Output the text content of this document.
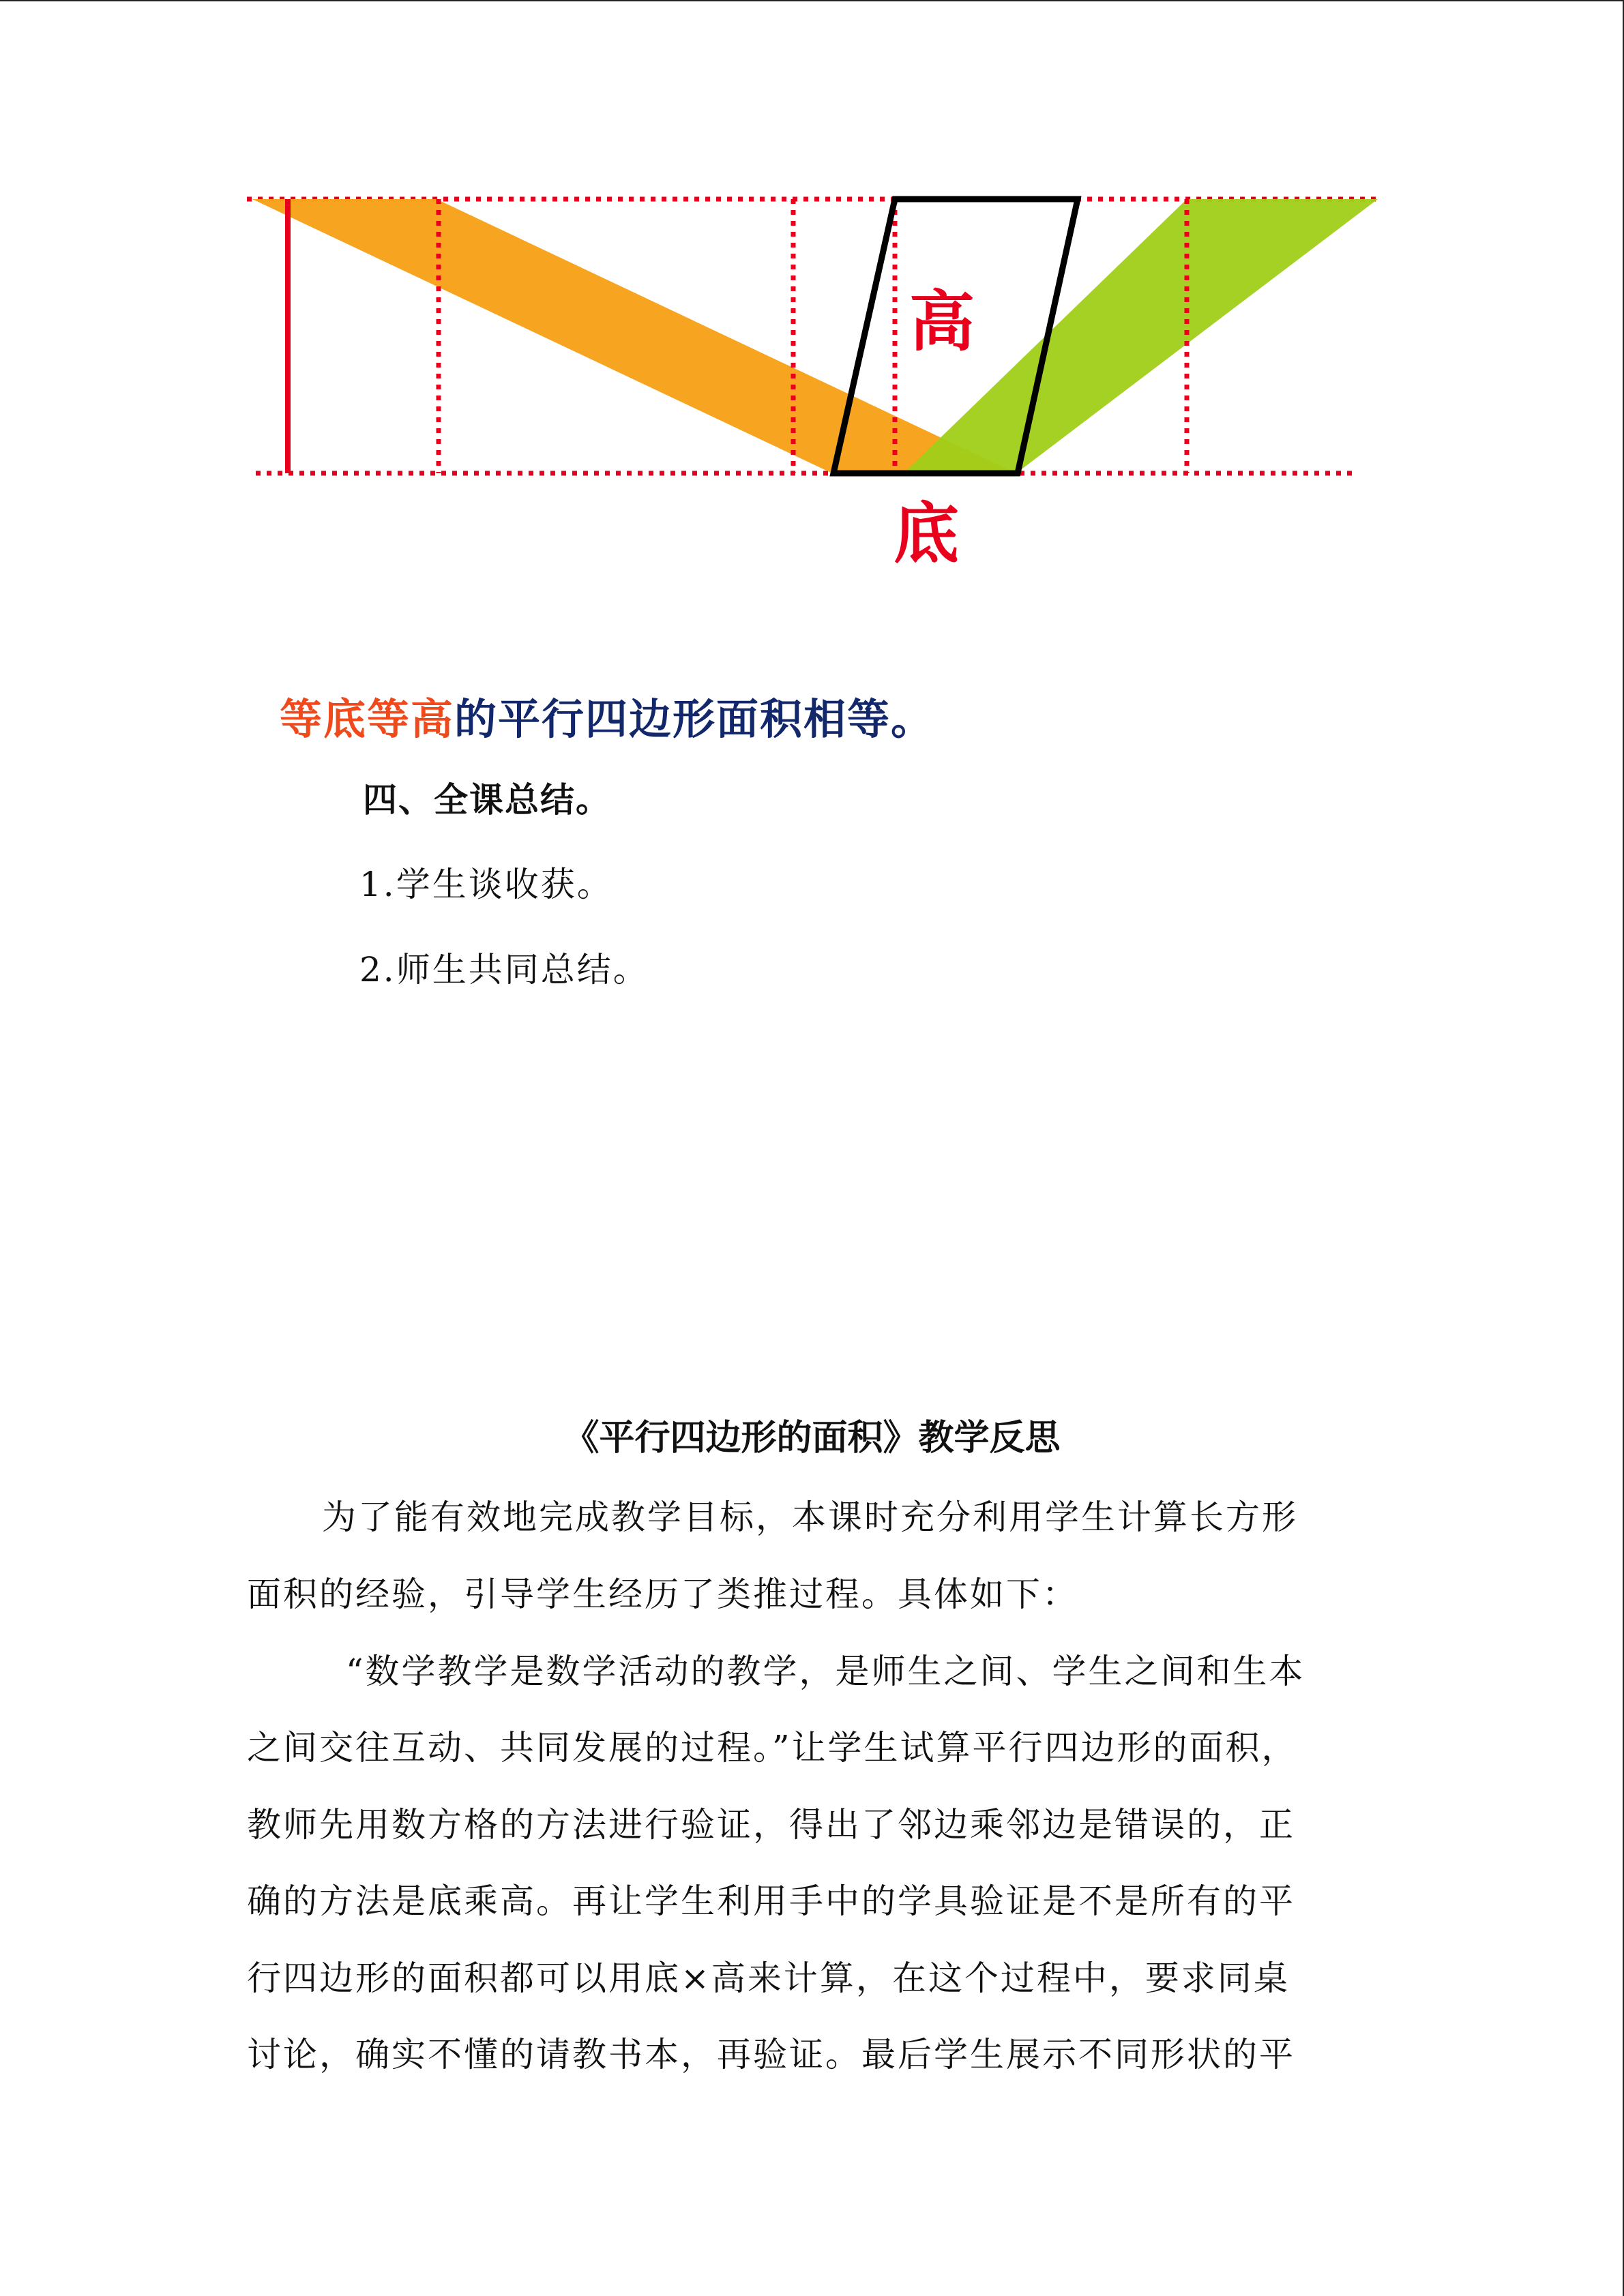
高
底
等底等高的平行四边形面积相等。
四、全课总结。
1.学生谈收获。
2.师生共同总结。
《平行四边形的面积》教学反思
为了能有效地完成教学目标，本课时充分利用学生计算长方形
面积的经验，引导学生经历了类推过程。具体如下：
“数学教学是数学活动的教学，是师生之间、学生之间和生本
之间交往互动、共同发展的过程。”让学生试算平行四边形的面积，
教师先用数方格的方法进行验证，得出了邻边乘邻边是错误的，正
确的方法是底乘高。再让学生利用手中的学具验证是不是所有的平
行四边形的面积都可以用底×高来计算，在这个过程中，要求同桌
讨论，确实不懂的请教书本，再验证。最后学生展示不同形状的平
